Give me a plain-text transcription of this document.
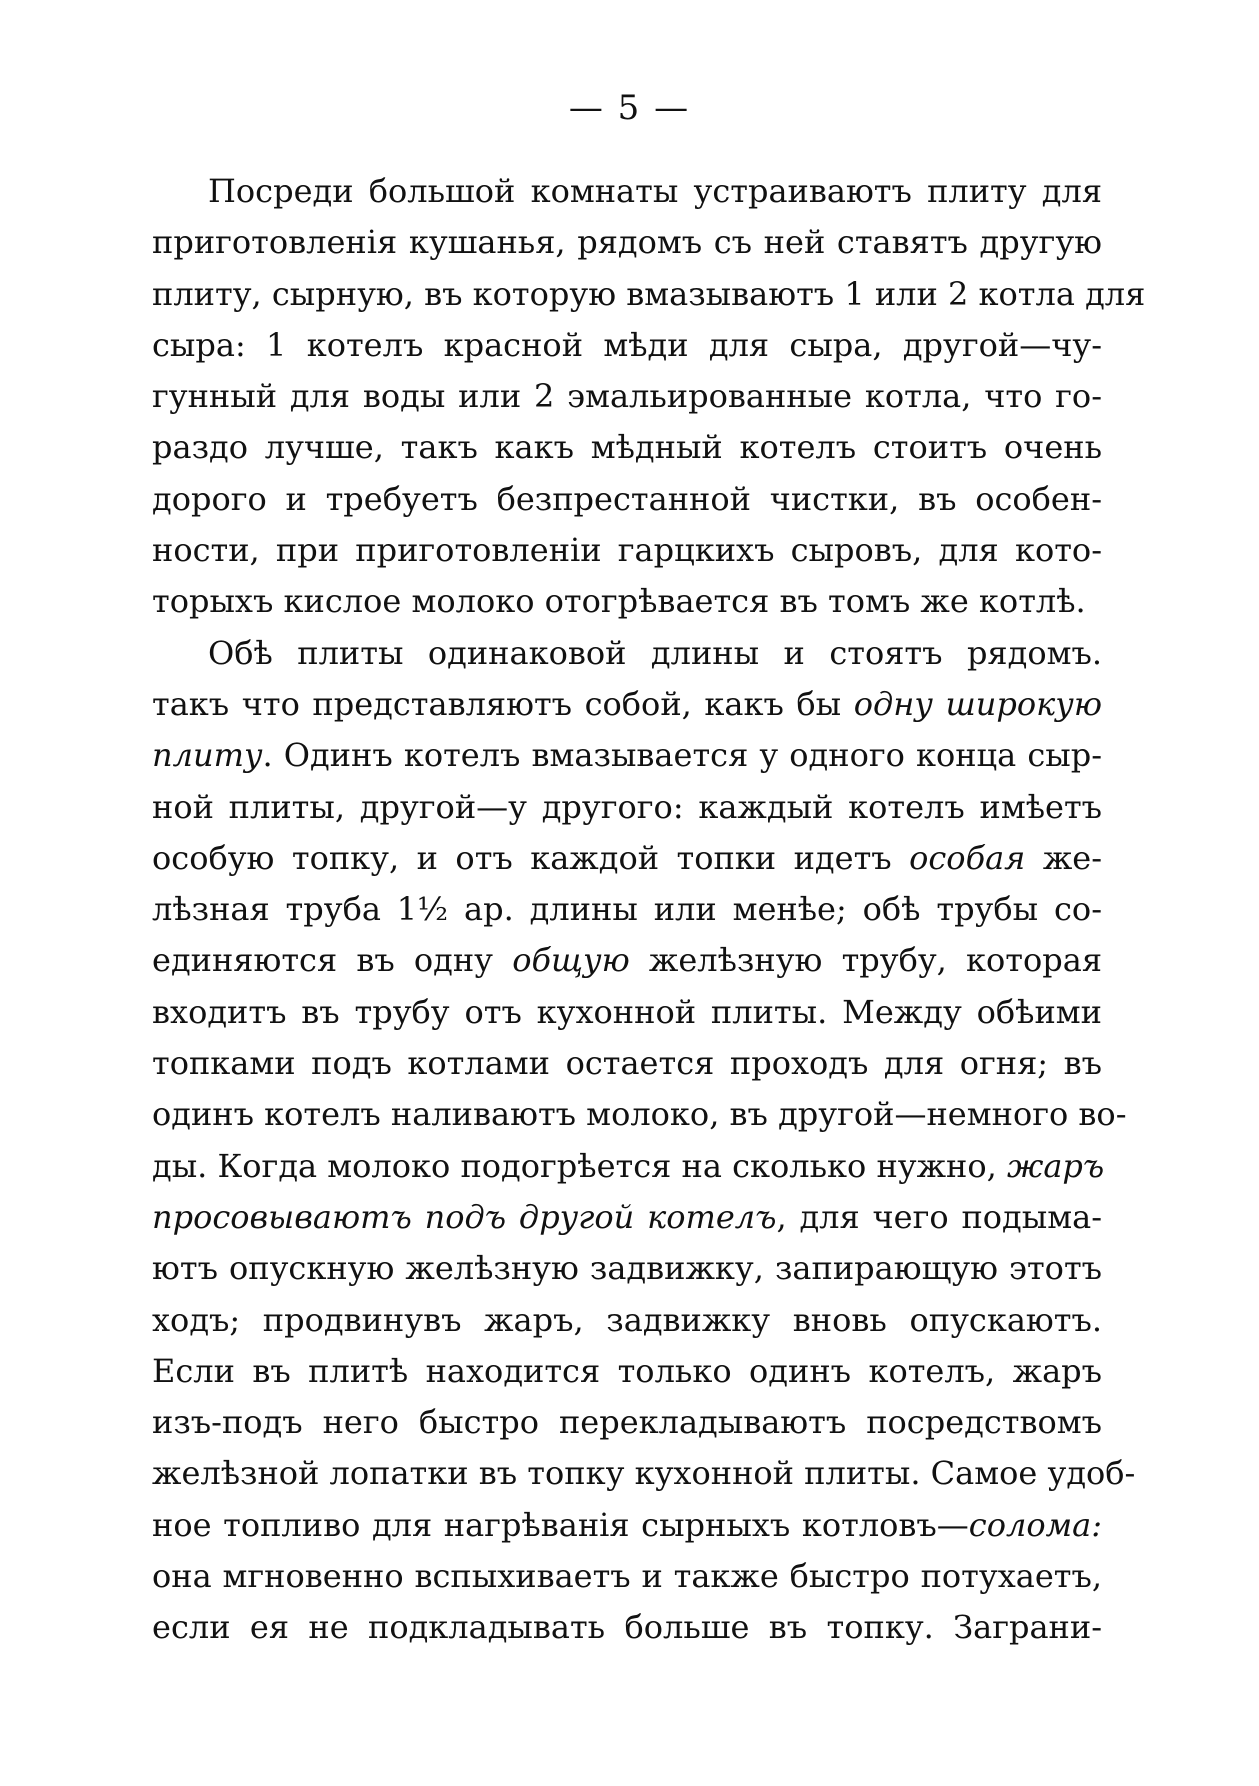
— 5 —
Посреди большой комнаты устраиваютъ плиту для
приготовленія кушанья, рядомъ съ ней ставятъ другую
плиту, сырную, въ которую вмазываютъ 1 или 2 котла для
сыра: 1 котелъ красной мѣди для сыра, другой—чу-
гунный для воды или 2 эмальированные котла, что го-
раздо лучше, такъ какъ мѣдный котелъ стоитъ очень
дорого и требуетъ безпрестанной чистки, въ особен-
ности, при приготовленіи гарцкихъ сыровъ, для кото-
торыхъ кислое молоко отогрѣвается въ томъ же котлѣ.
Обѣ плиты одинаковой длины и стоятъ рядомъ.
такъ что представляютъ собой, какъ бы одну широкую
плиту. Одинъ котелъ вмазывается у одного конца сыр-
ной плиты, другой—у другого: каждый котелъ имѣетъ
особую топку, и отъ каждой топки идетъ особая же-
лѣзная труба 1½ ар. длины или менѣе; обѣ трубы со-
единяются въ одну общую желѣзную трубу, которая
входитъ въ трубу отъ кухонной плиты. Между обѣими
топками подъ котлами остается проходъ для огня; въ
одинъ котелъ наливаютъ молоко, въ другой—немного во-
ды. Когда молоко подогрѣется на сколько нужно, жаръ
просовываютъ подъ другой котелъ, для чего подыма-
ютъ опускную желѣзную задвижку, запирающую этотъ
ходъ; продвинувъ жаръ, задвижку вновь опускаютъ.
Если въ плитѣ находится только одинъ котелъ, жаръ
изъ-подъ него быстро перекладываютъ посредствомъ
желѣзной лопатки въ топку кухонной плиты. Самое удоб-
ное топливо для нагрѣванія сырныхъ котловъ—солома:
она мгновенно вспыхиваетъ и также быстро потухаетъ,
если ея не подкладывать больше въ топку. Заграни-
